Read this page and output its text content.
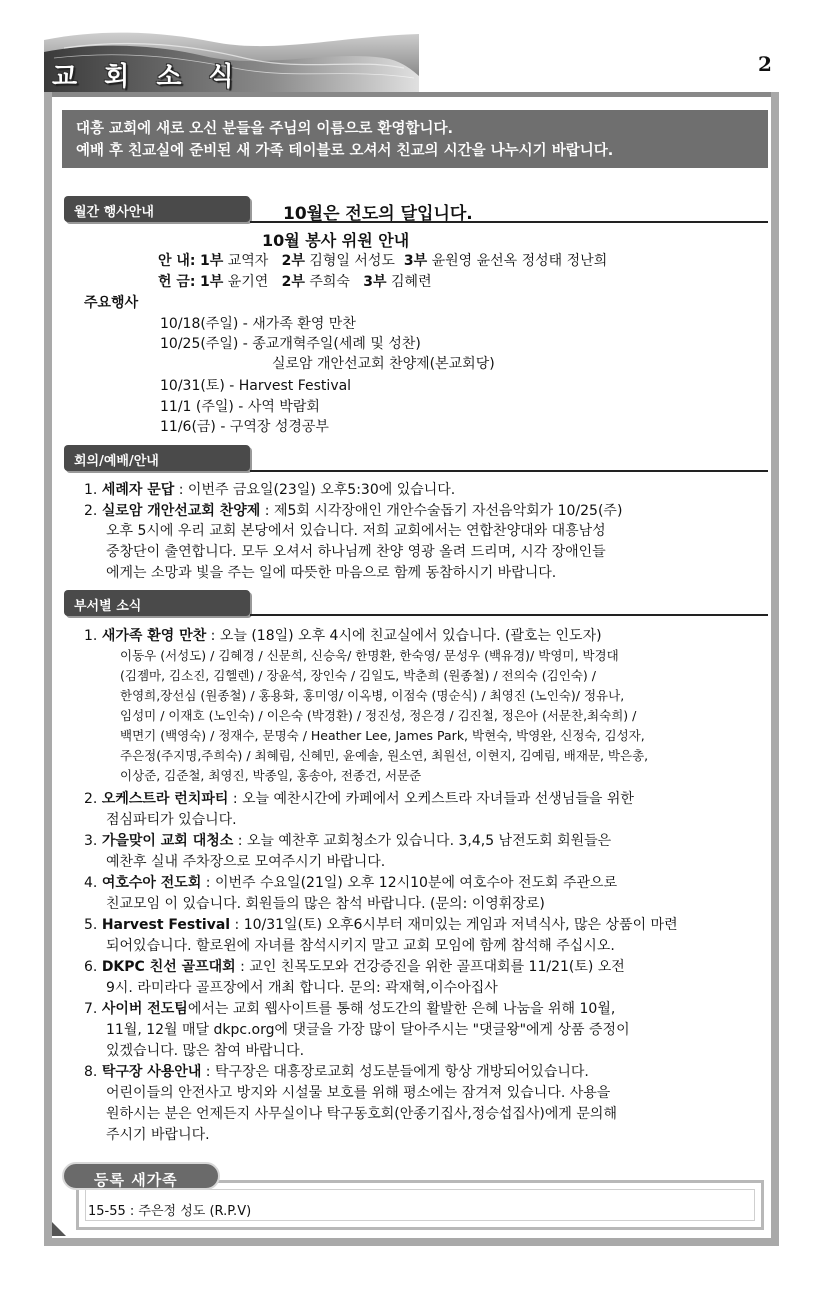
교 회 소 식	2
대흥 교회에 새로 오신 분들을 주님의 이름으로 환영합니다.
예배 후 친교실에 준비된 새 가족 테이블로 오셔서 친교의 시간을 나누시기 바랍니다.
월간 행사안내	10월은 전도의 달입니다.
10월 봉사 위원 안내
안 내: 1부 교역자 2부 김형일 서성도 3부 윤원영 윤선옥 정성태 정난희
헌 금: 1부 윤기연 2부 주희숙 3부 김혜련
주요행사
10/18(주일) - 새가족 환영 만찬
10/25(주일) - 종교개혁주일(세례 및 성찬)
실로암 개안선교회 찬양제(본교회당)
10/31(토) - Harvest Festival
11/1 (주일) - 사역 박람회
11/6(금) - 구역장 성경공부
회의/예배/안내
1. 세례자 문답 : 이번주 금요일(23일) 오후5:30에 있습니다.
2. 실로암 개안선교회 찬양제 : 제5회 시각장애인 개안수술돕기 자선음악회가 10/25(주)
오후 5시에 우리 교회 본당에서 있습니다. 저희 교회에서는 연합찬양대와 대흥남성
중창단이 출연합니다. 모두 오셔서 하나님께 찬양 영광 올려 드리며, 시각 장애인들
에게는 소망과 빛을 주는 일에 따뜻한 마음으로 함께 동참하시기 바랍니다.
부서별 소식
1. 새가족 환영 만찬 : 오늘 (18일) 오후 4시에 친교실에서 있습니다. (괄호는 인도자)
이동우 (서성도) / 김혜경 / 신문희, 신승욱/ 한명환, 한숙영/ 문성우 (백유경)/ 박영미, 박경대
(김젬마, 김소진, 김헬렌) / 장윤석, 장인숙 / 김일도, 박춘희 (원종철) / 전의숙 (김인숙) /
한영희,장선심 (원종철) / 홍용화, 홍미영/ 이옥병, 이점숙 (명순식) / 최영진 (노인숙)/ 정유나,
임성미 / 이재호 (노인숙) / 이은숙 (박경환) / 정진성, 정은경 / 김진철, 정은아 (서문찬,최숙희) /
백면기 (백영숙) / 정재수, 문명숙 / Heather Lee, James Park, 박현숙, 박영완, 신정숙, 김성자,
주은정(주지명,주희숙) / 최혜림, 신혜민, 윤예솔, 원소연, 최원선, 이현지, 김예림, 배재문, 박은총,
이상준, 김준철, 최영진, 박종일, 홍송아, 전종건, 서문준
2. 오케스트라 런치파티 : 오늘 예찬시간에 카페에서 오케스트라 자녀들과 선생님들을 위한
점심파티가 있습니다.
3. 가을맞이 교회 대청소 : 오늘 예찬후 교회청소가 있습니다. 3,4,5 남전도회 회원들은
예찬후 실내 주차장으로 모여주시기 바랍니다.
4. 여호수아 전도회 : 이번주 수요일(21일) 오후 12시10분에 여호수아 전도회 주관으로
친교모임 이 있습니다. 회원들의 많은 참석 바랍니다. (문의: 이영휘장로)
5. Harvest Festival : 10/31일(토) 오후6시부터 재미있는 게임과 저녁식사, 많은 상품이 마련
되어있습니다. 할로윈에 자녀를 참석시키지 말고 교회 모임에 함께 참석해 주십시오.
6. DKPC 친선 골프대회 : 교인 친목도모와 건강증진을 위한 골프대회를 11/21(토) 오전
9시. 라미라다 골프장에서 개최 합니다. 문의: 곽재혁,이수아집사
7. 사이버 전도팀에서는 교회 웹사이트를 통해 성도간의 활발한 은혜 나눔을 위해 10월,
11월, 12월 매달 dkpc.org에 댓글을 가장 많이 달아주시는 "댓글왕"에게 상품 증정이
있겠습니다. 많은 참여 바랍니다.
8. 탁구장 사용안내 : 탁구장은 대흥장로교회 성도분들에게 항상 개방되어있습니다.
어린이들의 안전사고 방지와 시설물 보호를 위해 평소에는 잠겨져 있습니다. 사용을
원하시는 분은 언제든지 사무실이나 탁구동호회(안종기집사,정승섭집사)에게 문의해
주시기 바랍니다.
등록 새가족
15-55 : 주은정 성도 (R.P.V)
